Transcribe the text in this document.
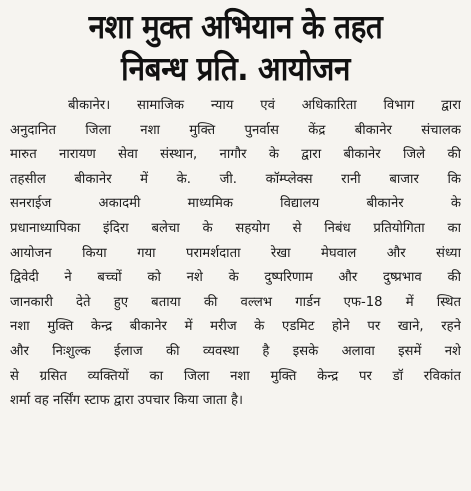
नशा मुक्त अभियान के तहत
निबन्ध प्रति. आयोजन
बीकानेर। सामाजिक न्याय एवं अधिकारिता विभाग द्वारा
अनुदानित जिला नशा मुक्ति पुनर्वास केंद्र बीकानेर संचालक
मारुत नारायण सेवा संस्थान, नागौर के द्वारा बीकानेर जिले की
तहसील बीकानेर में के. जी. कॉम्प्लेक्स रानी बाजार कि
सनराईज अकादमी माध्यमिक विद्यालय बीकानेर के
प्रधानाध्यापिका इंदिरा बलेचा के सहयोग से निबंध प्रतियोगिता का
आयोजन किया गया परामर्शदाता रेखा मेघवाल और संध्या
द्विवेदी ने बच्चों को नशे के दुष्परिणाम और दुष्प्रभाव की
जानकारी देते हुए बताया की वल्लभ गार्डन एफ-18 में स्थित
नशा मुक्ति केन्द्र बीकानेर में मरीज के एडमिट होने पर खाने, रहने
और निःशुल्क ईलाज की व्यवस्था है इसके अलावा इसमें नशे
से ग्रसित व्यक्तियों का जिला नशा मुक्ति केन्द्र पर डॉ रविकांत
शर्मा वह नर्सिंग स्टाफ द्वारा उपचार किया जाता है।
